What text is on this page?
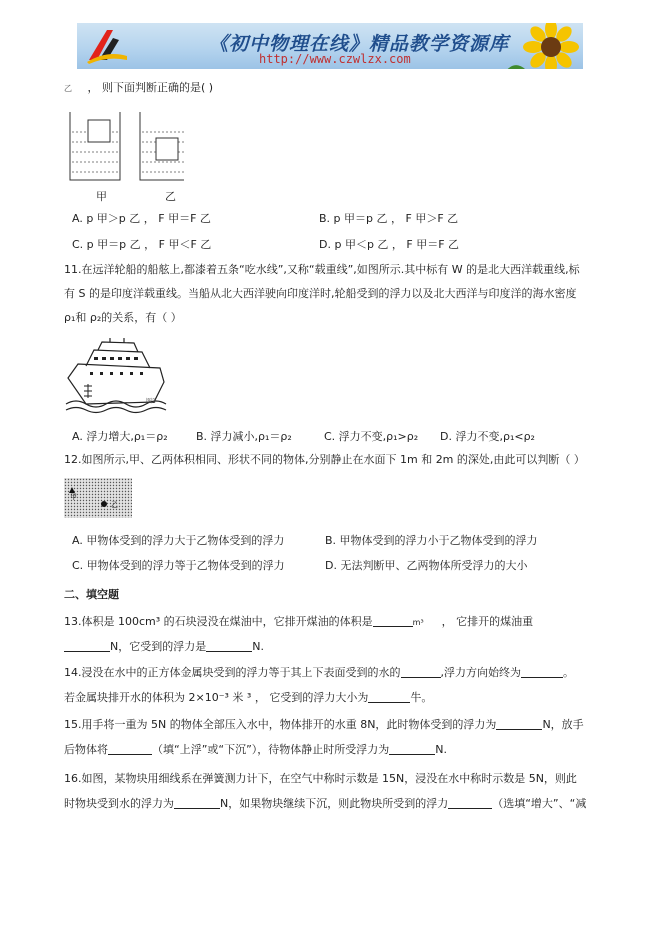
《初中物理在线》精品教学资源库
http://www.czwlzx.com
乙 ， 则下面判断正确的是( )
甲	乙
A. p 甲＞p 乙 ， F 甲＝F 乙	B. p 甲＝p 乙 ， F 甲＞F 乙
C. p 甲＝p 乙 ， F 甲＜F 乙	D. p 甲＜p 乙 ， F 甲＝F 乙
11.在远洋轮船的船舷上,都漆着五条“吃水线”,又称“载重线”,如图所示.其中标有 W 的是北大西洋载重线,标
有 S 的是印度洋载重线。当船从北大西洋驶向印度洋时,轮船受到的浮力以及北大西洋与印度洋的海水密度
ρ₁和 ρ₂的关系，有（ ）
图2
A. 浮力增大,ρ₁＝ρ₂	B. 浮力减小,ρ₁＝ρ₂	C. 浮力不变,ρ₁>ρ₂ D. 浮力不变,ρ₁<ρ₂
12.如图所示,甲、乙两体积相同、形状不同的物体,分别静止在水面下 1m 和 2m 的深处,由此可以判断（ ）
甲
乙
A. 甲物体受到的浮力大于乙物体受到的浮力	B. 甲物体受到的浮力小于乙物体受到的浮力
C. 甲物体受到的浮力等于乙物体受到的浮力	D. 无法判断甲、乙两物体所受浮力的大小
二、填空题
13.体积是 100cm³ 的石块浸没在煤油中，它排开煤油的体积是	m³ ， 它排开的煤油重
N，它受到的浮力是	N.
14.浸没在水中的正方体金属块受到的浮力等于其上下表面受到的水的	,浮力方向始终为	。
若金属块排开水的体积为 2×10⁻³ 米 ³ ， 它受到的浮力大小为	牛。
15.用手将一重为 5N 的物体全部压入水中，物体排开的水重 8N，此时物体受到的浮力为	N，放手
后物体将	（填“上浮”或“下沉”），待物体静止时所受浮力为	N.
16.如图，某物块用细线系在弹簧测力计下，在空气中称时示数是 15N，浸没在水中称时示数是 5N，则此
时物块受到水的浮力为	N，如果物块继续下沉，则此物块所受到的浮力	（选填“增大”、“减
